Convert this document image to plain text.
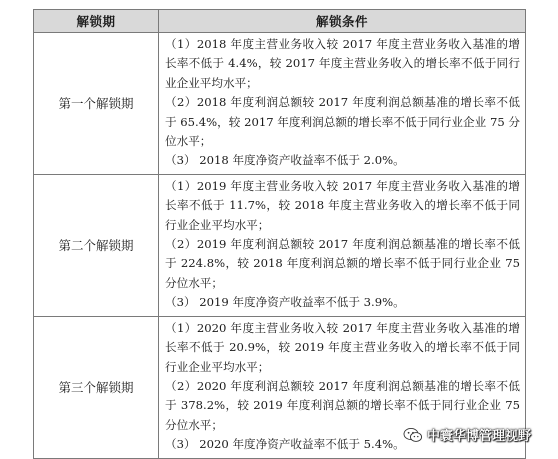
解锁期	解锁条件
第一个解锁期	（1）2018 年度主营业务收入较 2017 年度主营业务收入基准的增长率不低于 4.4%，较 2017 年度主营业务收入的增长率不低于同行业企业平均水平；

（2）2018 年度利润总额较 2017 年度利润总额基准的增长率不低于 65.4%，较 2017 年度利润总额的增长率不低于同行业企业 75 分位水平；

（3） 2018 年度净资产收益率不低于 2.0%。

第二个解锁期	（1）2019 年度主营业务收入较 2017 年度主营业务收入基准的增长率不低于 11.7%，较 2018 年度主营业务收入的增长率不低于同行业企业平均水平；

（2）2019 年度利润总额较 2017 年度利润总额基准的增长率不低于 224.8%，较 2018 年度利润总额的增长率不低于同行业企业 75 分位水平；

（3） 2019 年度净资产收益率不低于 3.9%。

第三个解锁期	（1）2020 年度主营业务收入较 2017 年度主营业务收入基准的增长率不低于 20.9%，较 2019 年度主营业务收入的增长率不低于同行业企业平均水平；

（2）2020 年度利润总额较 2017 年度利润总额基准的增长率不低于 378.2%，较 2019 年度利润总额的增长率不低于同行业企业 75 分位水平；

（3） 2020 年度净资产收益率不低于 5.4%。

中寰华博管理视野
